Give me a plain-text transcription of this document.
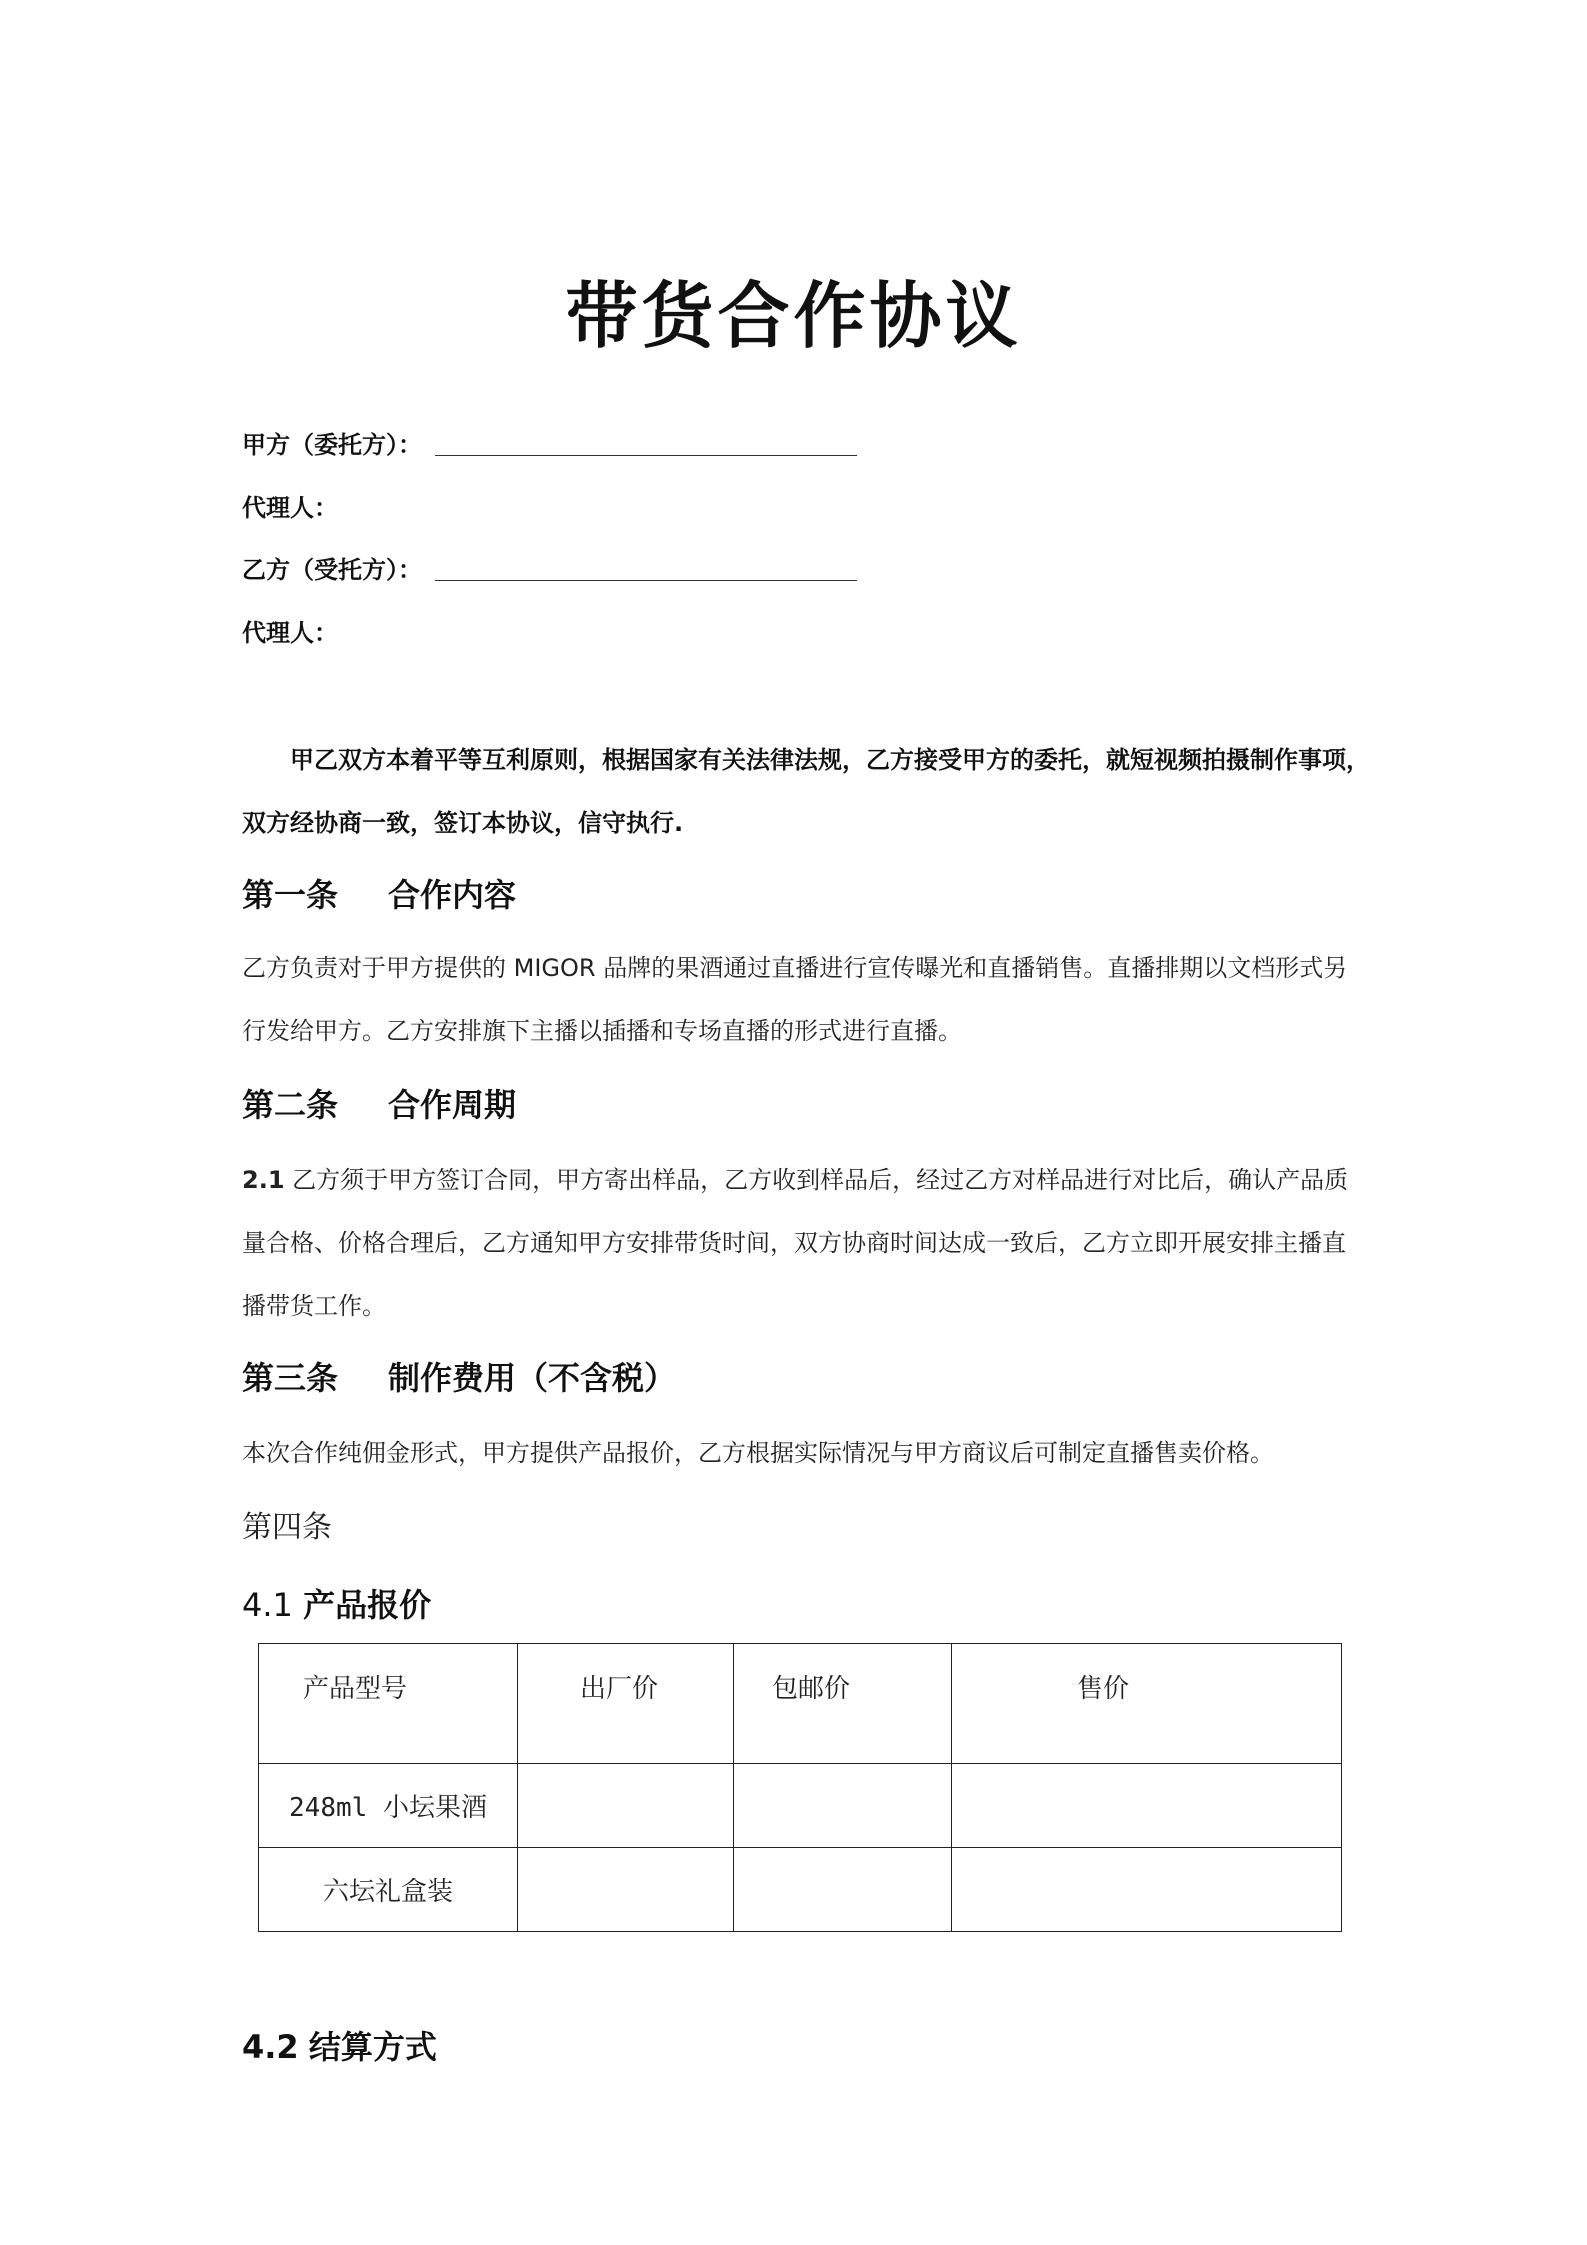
带货合作协议
甲方（委托方）：
代理人：
乙方（受托方）：
代理人：
甲乙双方本着平等互利原则，根据国家有关法律法规，乙方接受甲方的委托，就短视频拍摄制作事项，
双方经协商一致，签订本协议，信守执行.
第一条 合作内容
乙方负责对于甲方提供的 MIGOR 品牌的果酒通过直播进行宣传曝光和直播销售。直播排期以文档形式另
行发给甲方。乙方安排旗下主播以插播和专场直播的形式进行直播。
第二条 合作周期
2.1 乙方须于甲方签订合同，甲方寄出样品，乙方收到样品后，经过乙方对样品进行对比后，确认产品质
量合格、价格合理后，乙方通知甲方安排带货时间，双方协商时间达成一致后，乙方立即开展安排主播直
播带货工作。
第三条 制作费用（不含税）
本次合作纯佣金形式，甲方提供产品报价，乙方根据实际情况与甲方商议后可制定直播售卖价格。
第四条
4.1 产品报价
产品型号	出厂价	包邮价	售价
248ml 小坛果酒			
六坛礼盒装			
4.2 结算方式
